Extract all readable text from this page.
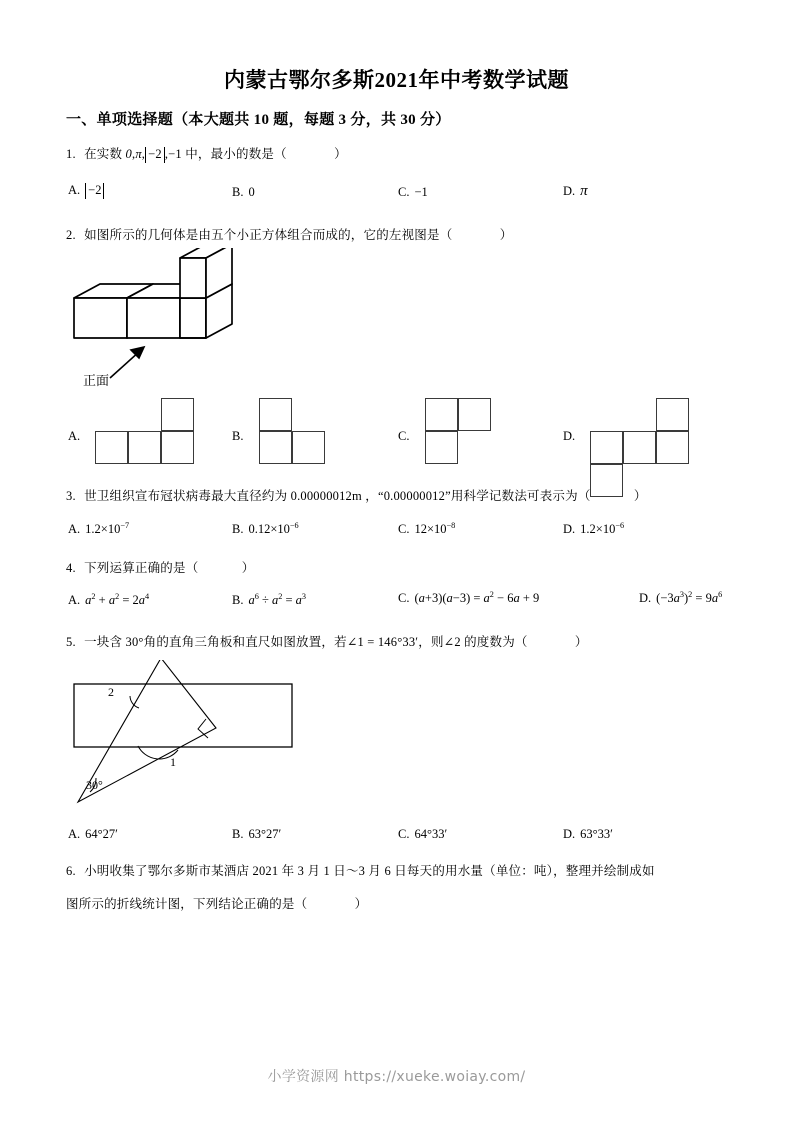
内蒙古鄂尔多斯2021年中考数学试题
一、单项选择题（本大题共 10 题，每题 3 分，共 30 分）
1. 在实数 0,π, −2 ,−1 中，最小的数是（	）
A. −2	B. 0	C. −1	D. π
2. 如图所示的几何体是由五个小正方体组合而成的，它的左视图是（	）
正面
A.	B.	C.	D.
3. 世卫组织宣布冠状病毒最大直径约为 0.00000012m ，“0.00000012”用科学记数法可表示为（	）
A. $1.2\times 10^{-7}$	B. $0.12\times 10^{-6}$	C. $12\times 10^{-8}$	D. $1.2\times 10^{-6}$
4. 下列运算正确的是（	）
A. $a^2 + a^2 = 2a^4$	B. $a^6 \div a^2 = a^3$	C. $(a+3)(a-3) = a^2 - 6a + 9$	D. $(-3a^3)^2 = 9a^6$
5. 一块含 30°角的直角三角板和直尺如图放置，若∠1 = 146°33′，则∠2 的度数为（	）
2
1
30°
A. 64°27′	B. 63°27′	C. 64°33′	D. 63°33′
6. 小明收集了鄂尔多斯市某酒店 2021 年 3 月 1 日～3 月 6 日每天的用水量（单位：吨），整理并绘制成如
图所示的折线统计图，下列结论正确的是（	）
小学资源网 https://xueke.woiay.com/
